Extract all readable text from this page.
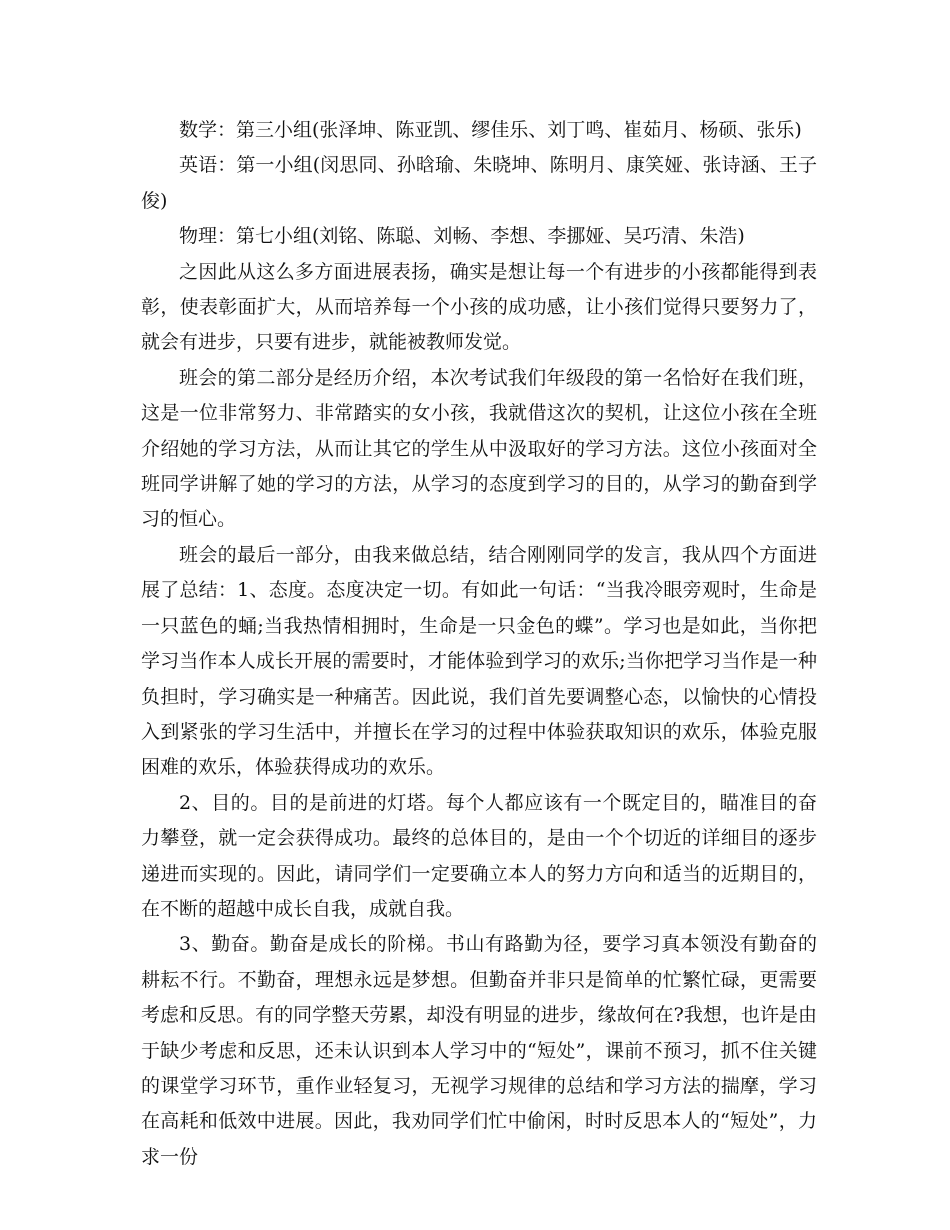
数学：第三小组(张泽坤、陈亚凯、缪佳乐、刘丁鸣、崔茹月、杨硕、张乐)

英语：第一小组(闵思同、孙晗瑜、朱晓坤、陈明月、康笑娅、张诗涵、王子俊)

物理：第七小组(刘铭、陈聪、刘畅、李想、李挪娅、吴巧清、朱浩)

之因此从这么多方面进展表扬，确实是想让每一个有进步的小孩都能得到表彰，使表彰面扩大，从而培养每一个小孩的成功感，让小孩们觉得只要努力了，就会有进步，只要有进步，就能被教师发觉。

班会的第二部分是经历介绍，本次考试我们年级段的第一名恰好在我们班，这是一位非常努力、非常踏实的女小孩，我就借这次的契机，让这位小孩在全班介绍她的学习方法，从而让其它的学生从中汲取好的学习方法。这位小孩面对全班同学讲解了她的学习的方法，从学习的态度到学习的目的，从学习的勤奋到学习的恒心。

班会的最后一部分，由我来做总结，结合刚刚同学的发言，我从四个方面进展了总结：1、态度。态度决定一切。有如此一句话：“当我冷眼旁观时，生命是一只蓝色的蛹;当我热情相拥时，生命是一只金色的蝶”。学习也是如此，当你把学习当作本人成长开展的需要时，才能体验到学习的欢乐;当你把学习当作是一种负担时，学习确实是一种痛苦。因此说，我们首先要调整心态，以愉快的心情投入到紧张的学习生活中，并擅长在学习的过程中体验获取知识的欢乐，体验克服困难的欢乐，体验获得成功的欢乐。

2、目的。目的是前进的灯塔。每个人都应该有一个既定目的，瞄准目的奋力攀登，就一定会获得成功。最终的总体目的，是由一个个切近的详细目的逐步递进而实现的。因此，请同学们一定要确立本人的努力方向和适当的近期目的，在不断的超越中成长自我，成就自我。

3、勤奋。勤奋是成长的阶梯。书山有路勤为径，要学习真本领没有勤奋的耕耘不行。不勤奋，理想永远是梦想。但勤奋并非只是简单的忙繁忙碌，更需要考虑和反思。有的同学整天劳累，却没有明显的进步，缘故何在?我想，也许是由于缺少考虑和反思，还未认识到本人学习中的“短处”，课前不预习，抓不住关键的课堂学习环节，重作业轻复习，无视学习规律的总结和学习方法的揣摩，学习在高耗和低效中进展。因此，我劝同学们忙中偷闲，时时反思本人的“短处”，力求一份
